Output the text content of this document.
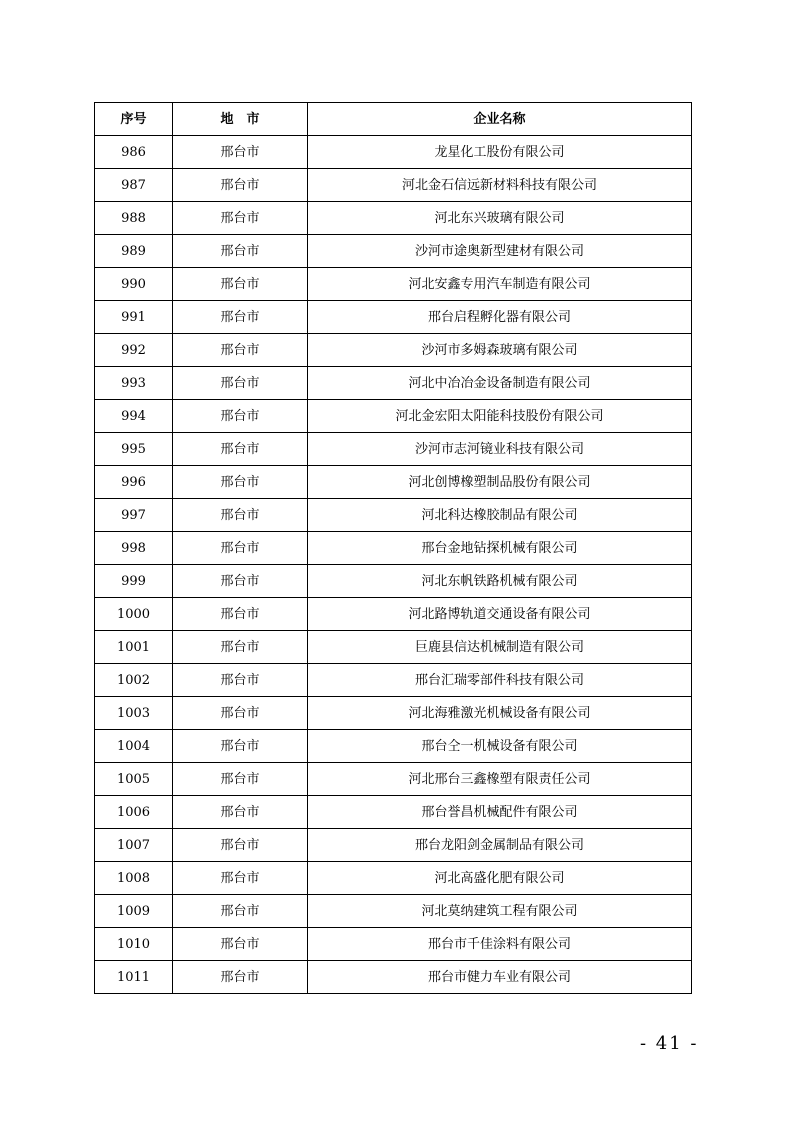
序号	地　市	企业名称
986	邢台市	龙星化工股份有限公司
987	邢台市	河北金石信远新材料科技有限公司
988	邢台市	河北东兴玻璃有限公司
989	邢台市	沙河市途奥新型建材有限公司
990	邢台市	河北安鑫专用汽车制造有限公司
991	邢台市	邢台启程孵化器有限公司
992	邢台市	沙河市多姆森玻璃有限公司
993	邢台市	河北中冶冶金设备制造有限公司
994	邢台市	河北金宏阳太阳能科技股份有限公司
995	邢台市	沙河市志河镜业科技有限公司
996	邢台市	河北创博橡塑制品股份有限公司
997	邢台市	河北科达橡胶制品有限公司
998	邢台市	邢台金地钻探机械有限公司
999	邢台市	河北东帆铁路机械有限公司
1000	邢台市	河北路博轨道交通设备有限公司
1001	邢台市	巨鹿县信达机械制造有限公司
1002	邢台市	邢台汇瑞零部件科技有限公司
1003	邢台市	河北海雅激光机械设备有限公司
1004	邢台市	邢台仝一机械设备有限公司
1005	邢台市	河北邢台三鑫橡塑有限责任公司
1006	邢台市	邢台誉昌机械配件有限公司
1007	邢台市	邢台龙阳剑金属制品有限公司
1008	邢台市	河北高盛化肥有限公司
1009	邢台市	河北莫纳建筑工程有限公司
1010	邢台市	邢台市千佳涂料有限公司
1011	邢台市	邢台市健力车业有限公司
- 41 -
